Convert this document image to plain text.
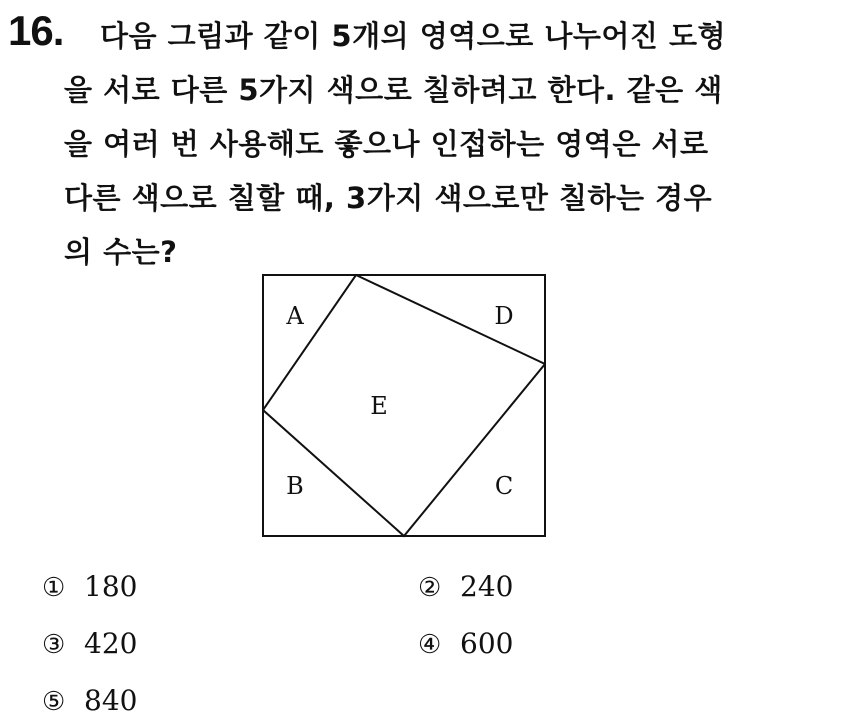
16. 다음 그림과 같이 5개의 영역으로 나누어진 도형
을 서로 다른 5가지 색으로 칠하려고 한다. 같은 색
을 여러 번 사용해도 좋으나 인접하는 영역은 서로
다른 색으로 칠할 때, 3가지 색으로만 칠하는 경우
의 수는?
A	D
E
B	C
① 180	② 240
③ 420	④ 600
⑤ 840
